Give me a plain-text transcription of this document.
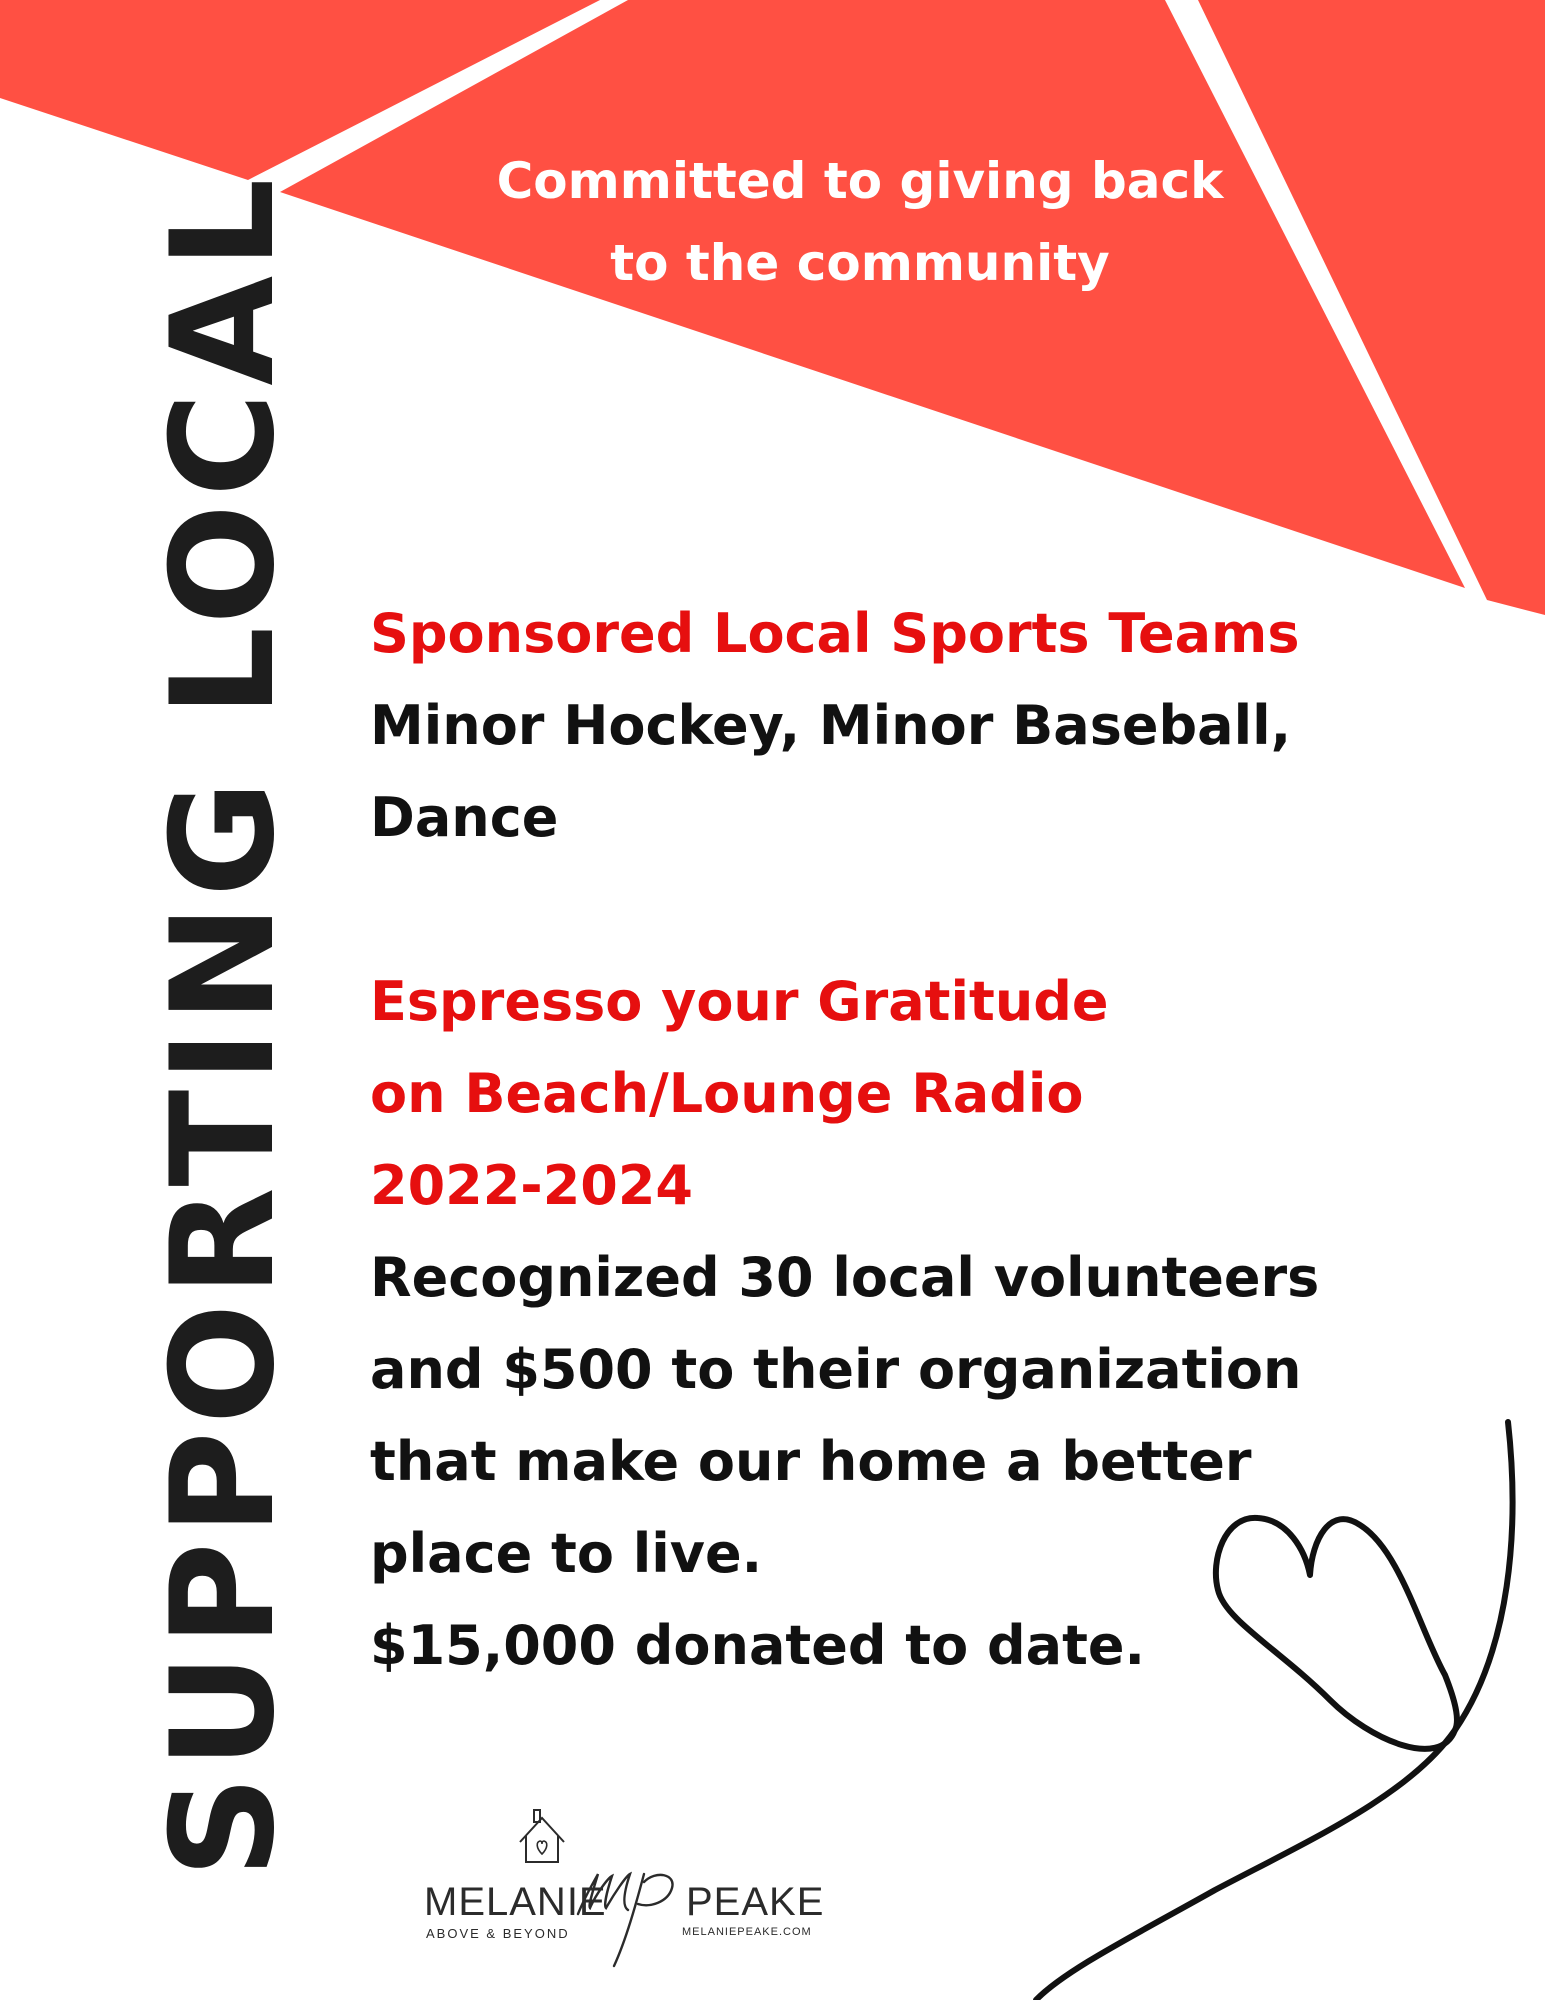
Committed to giving back
to the community
SUPPORTING LOCAL Sponsored Local Sports Teams
Minor Hockey, Minor Baseball,
Dance

Espresso your Gratitude
on Beach/Lounge Radio
2022-2024
Recognized 30 local volunteers
and $500 to their organization
that make our home a better
place to live.
$15,000 donated to date.

MELANIE PEAKE
ABOVE & BEYOND	MELANIEPEAKE.COM
